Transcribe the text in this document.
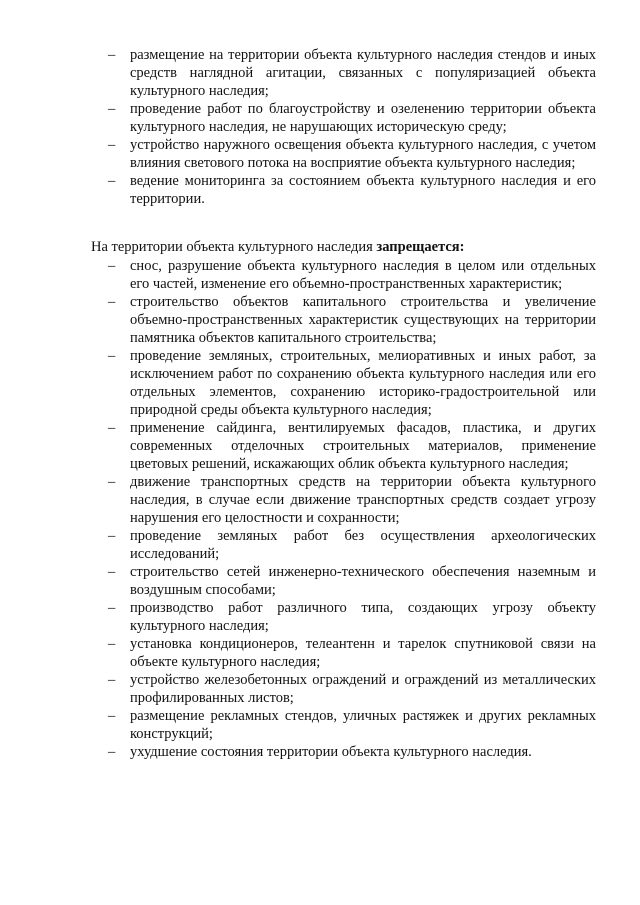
– размещение на территории объекта культурного наследия стендов и иных средств наглядной агитации, связанных с популяризацией объекта культурного наследия;
– проведение работ по благоустройству и озеленению территории объекта культурного наследия, не нарушающих историческую среду;
– устройство наружного освещения объекта культурного наследия, с учетом влияния светового потока на восприятие объекта культурного наследия;
– ведение мониторинга за состоянием объекта культурного наследия и его территории.
На территории объекта культурного наследия запрещается:
– снос, разрушение объекта культурного наследия в целом или отдельных его частей, изменение его объемно-пространственных характеристик;
– строительство объектов капитального строительства и увеличение объемно-пространственных характеристик существующих на территории памятника объектов капитального строительства;
– проведение земляных, строительных, мелиоративных и иных работ, за исключением работ по сохранению объекта культурного наследия или его отдельных элементов, сохранению историко-градостроительной или природной среды объекта культурного наследия;
– применение сайдинга, вентилируемых фасадов, пластика, и других современных отделочных строительных материалов, применение цветовых решений, искажающих облик объекта культурного наследия;
– движение транспортных средств на территории объекта культурного наследия, в случае если движение транспортных средств создает угрозу нарушения его целостности и сохранности;
– проведение земляных работ без осуществления археологических исследований;
– строительство сетей инженерно-технического обеспечения наземным и воздушным способами;
– производство работ различного типа, создающих угрозу объекту культурного наследия;
– установка кондиционеров, телеантенн и тарелок спутниковой связи на объекте культурного наследия;
– устройство железобетонных ограждений и ограждений из металлических профилированных листов;
– размещение рекламных стендов, уличных растяжек и других рекламных конструкций;
– ухудшение состояния территории объекта культурного наследия.
